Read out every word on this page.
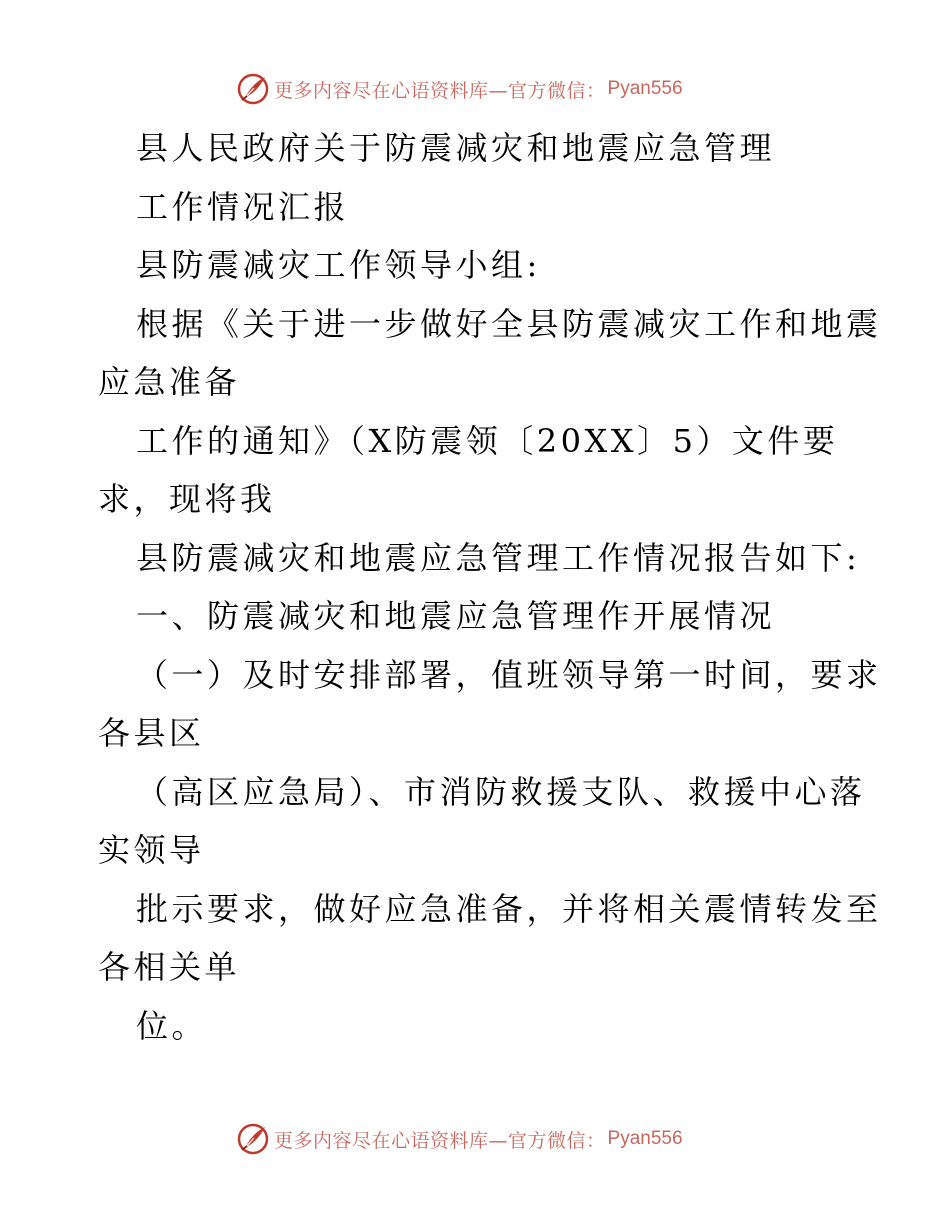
更多内容尽在心语资料库—官方微信： Pyan556
县人民政府关于防震减灾和地震应急管理
工作情况汇报
县防震减灾工作领导小组:
根据《关于进一步做好全县防震减灾工作和地震
应急准备
工作的通知》（X防震领〔20XX〕5）文件要
求，现将我
县防震减灾和地震应急管理工作情况报告如下:
一、防震减灾和地震应急管理作开展情况
（一）及时安排部署，值班领导第一时间，要求
各县区
（高区应急局）、市消防救援支队、救援中心落
实领导
批示要求，做好应急准备，并将相关震情转发至
各相关单
位。
更多内容尽在心语资料库—官方微信： Pyan556
